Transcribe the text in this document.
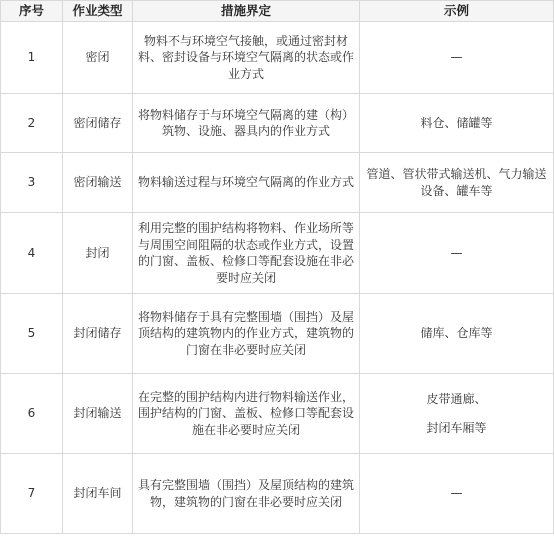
序号	作业类型	措施界定	示例
1	密闭	物料不与环境空气接触，或通过密封材料、密封设备与环境空气隔离的状态或作业方式	—
2	密闭储存	将物料储存于与环境空气隔离的建（构）筑物、设施、器具内的作业方式	料仓、储罐等
3	密闭输送	物料输送过程与环境空气隔离的作业方式	管道、管状带式输送机、气力输送设备、罐车等
4	封闭	利用完整的围护结构将物料、作业场所等与周围空间阻隔的状态或作业方式，设置的门窗、盖板、检修口等配套设施在非必要时应关闭	—
5	封闭储存	将物料储存于具有完整围墙（围挡）及屋顶结构的建筑物内的作业方式，建筑物的门窗在非必要时应关闭	储库、仓库等
6	封闭输送	在完整的围护结构内进行物料输送作业，围护结构的门窗、盖板、检修口等配套设施在非必要时应关闭	皮带通廊、
封闭车厢等
7	封闭车间	具有完整围墙（围挡）及屋顶结构的建筑物，建筑物的门窗在非必要时应关闭	—
